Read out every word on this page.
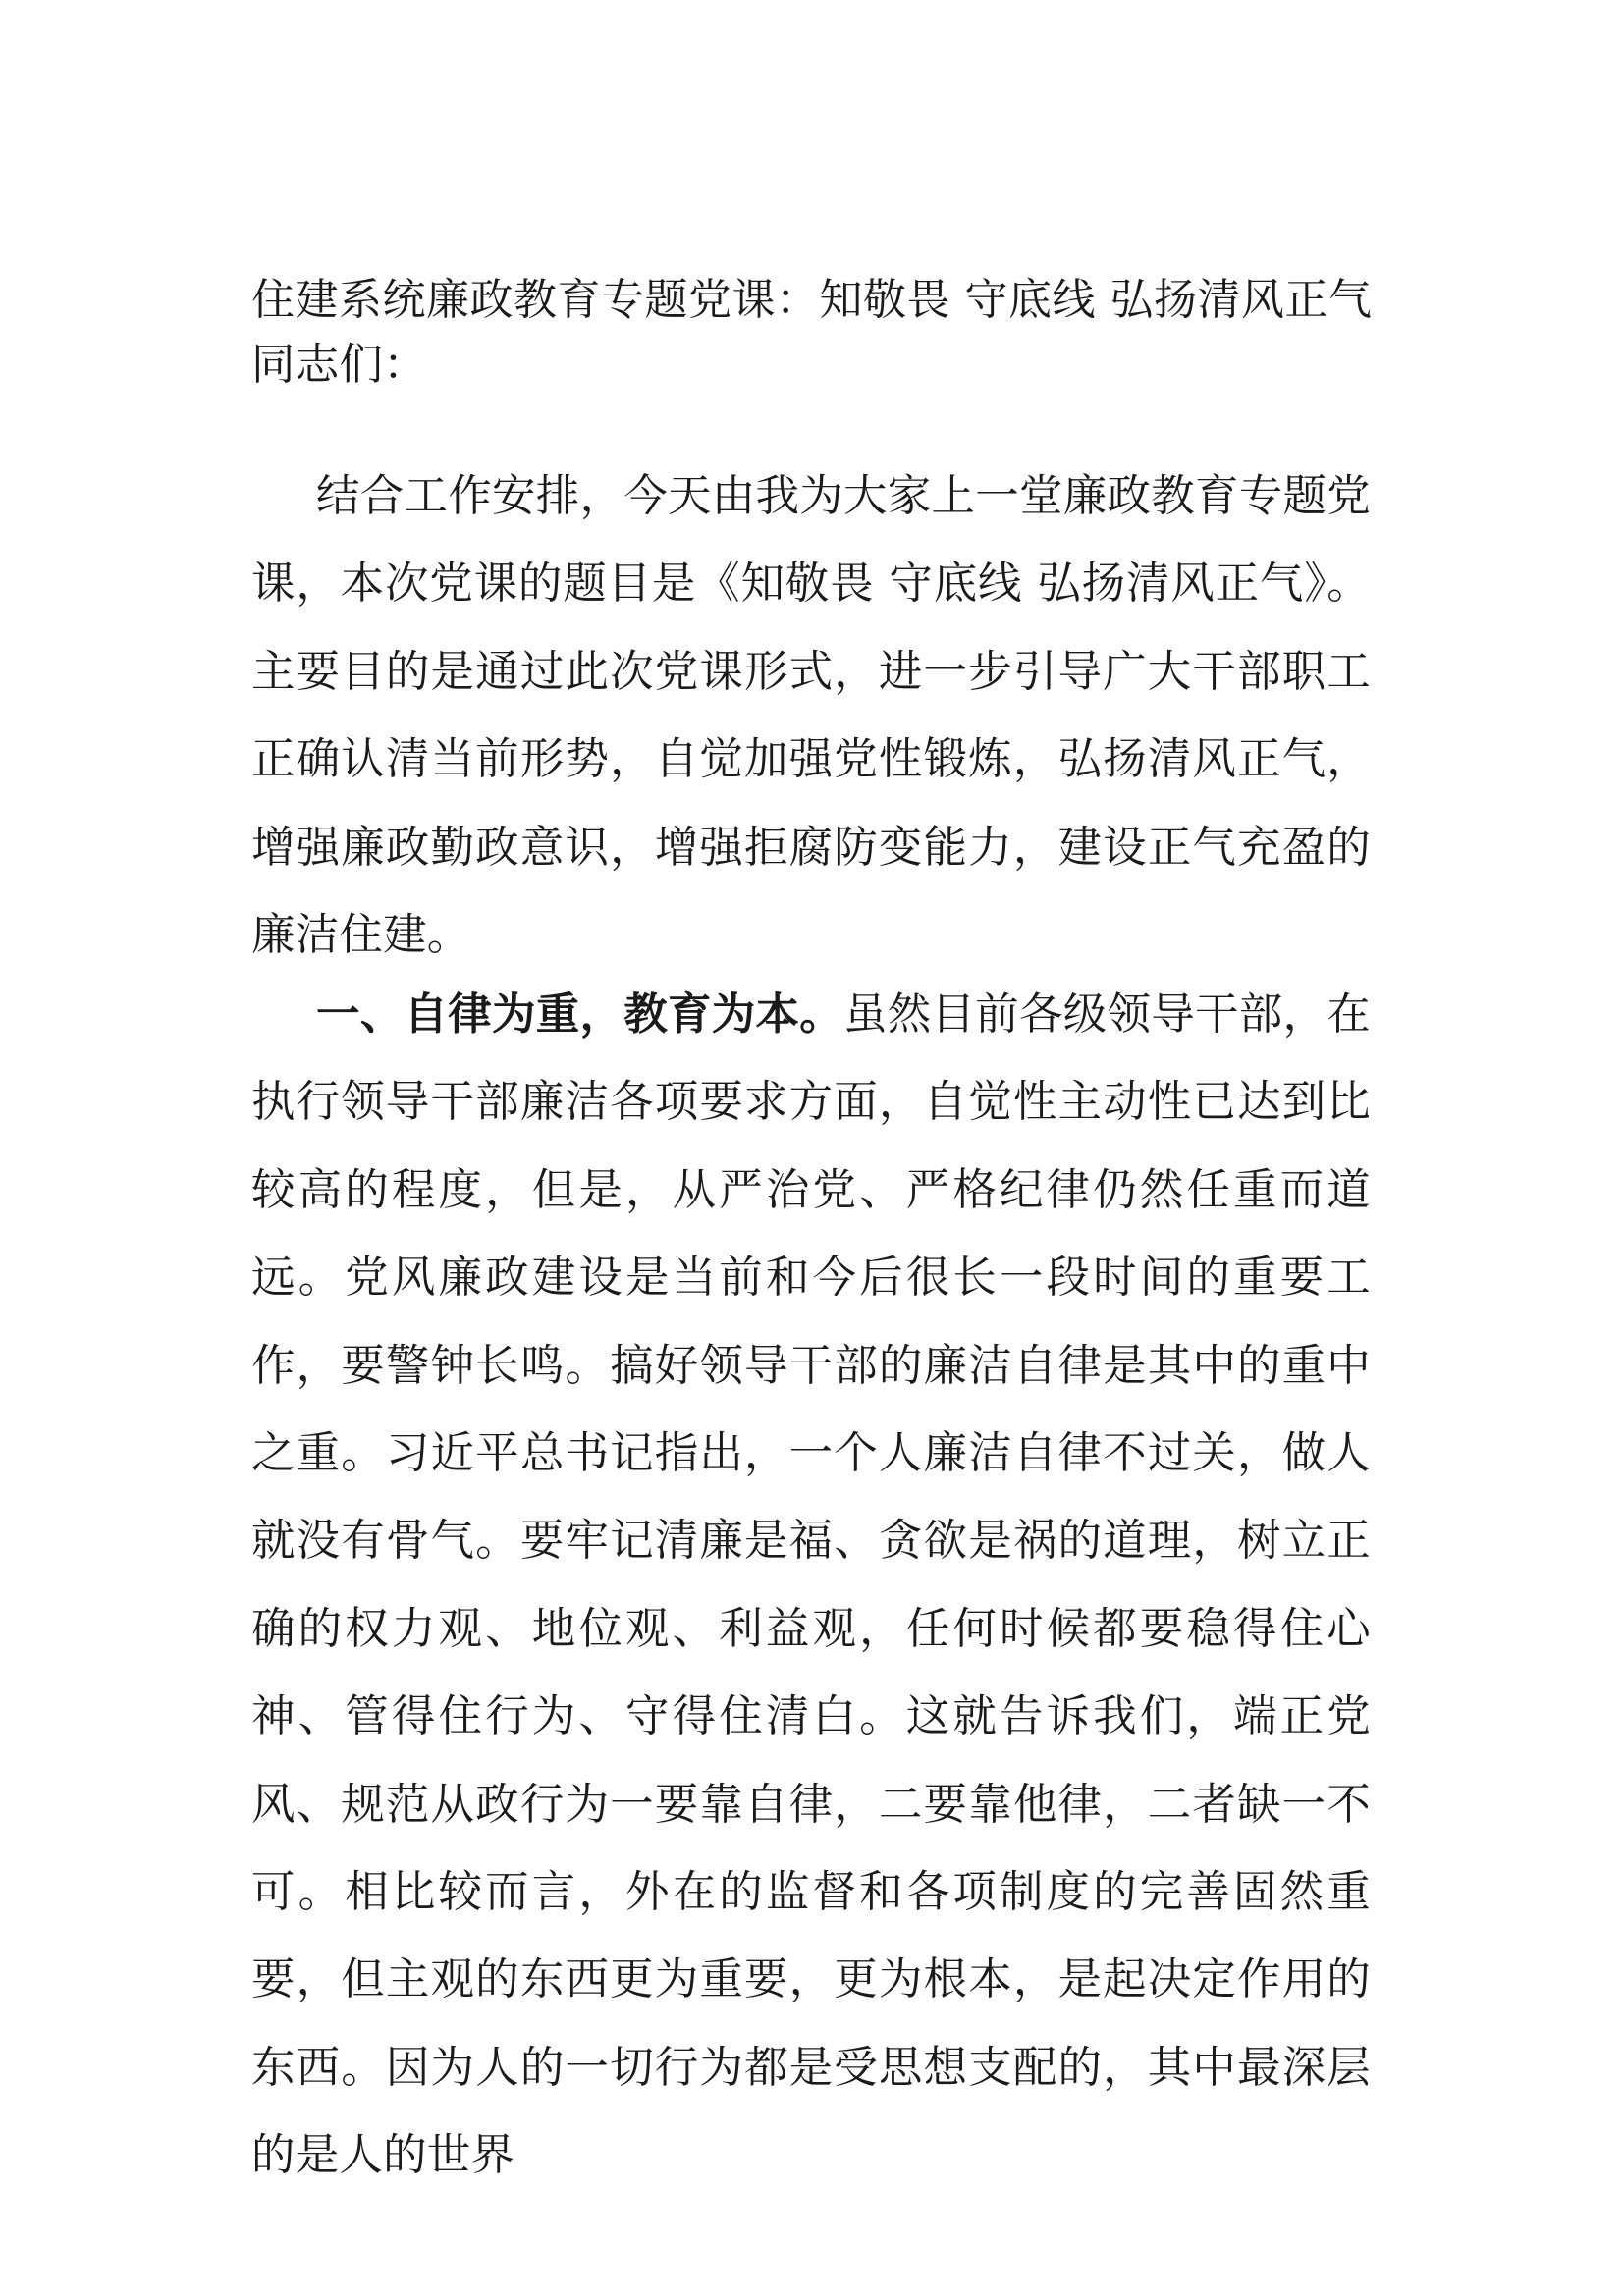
住建系统廉政教育专题党课：知敬畏 守底线 弘扬清风正气
同志们：

结合工作安排，今天由我为大家上一堂廉政教育专题党课，本次党课的题目是《知敬畏 守底线 弘扬清风正气》。主要目的是通过此次党课形式，进一步引导广大干部职工正确认清当前形势，自觉加强党性锻炼，弘扬清风正气，增强廉政勤政意识，增强拒腐防变能力，建设正气充盈的廉洁住建。

一、自律为重，教育为本。虽然目前各级领导干部，在执行领导干部廉洁各项要求方面，自觉性主动性已达到比较高的程度，但是，从严治党、严格纪律仍然任重而道远。党风廉政建设是当前和今后很长一段时间的重要工作，要警钟长鸣。搞好领导干部的廉洁自律是其中的重中之重。习近平总书记指出，一个人廉洁自律不过关，做人就没有骨气。要牢记清廉是福、贪欲是祸的道理，树立正确的权力观、地位观、利益观，任何时候都要稳得住心神、管得住行为、守得住清白。这就告诉我们，端正党风、规范从政行为一要靠自律，二要靠他律，二者缺一不可。相比较而言，外在的监督和各项制度的完善固然重要，但主观的东西更为重要，更为根本，是起决定作用的东西。因为人的一切行为都是受思想支配的，其中最深层的是人的世界
